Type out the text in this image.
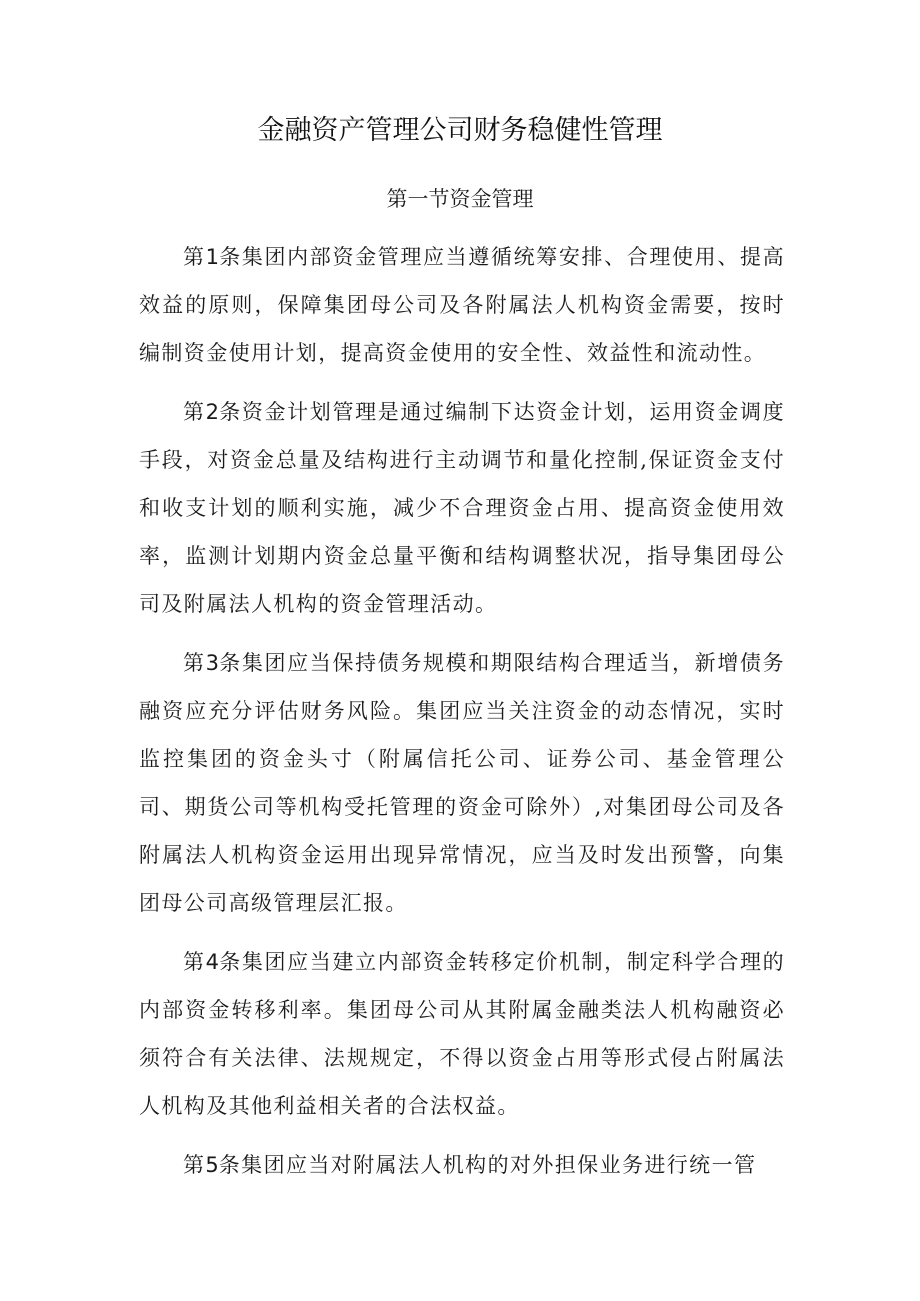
金融资产管理公司财务稳健性管理
第一节资金管理

第1条集团内部资金管理应当遵循统筹安排、合理使用、提高效益的原则，保障集团母公司及各附属法人机构资金需要，按时编制资金使用计划，提高资金使用的安全性、效益性和流动性。

第2条资金计划管理是通过编制下达资金计划，运用资金调度手段，对资金总量及结构进行主动调节和量化控制,保证资金支付和收支计划的顺利实施，减少不合理资金占用、提高资金使用效率，监测计划期内资金总量平衡和结构调整状况，指导集团母公司及附属法人机构的资金管理活动。

第3条集团应当保持债务规模和期限结构合理适当，新增债务融资应充分评估财务风险。集团应当关注资金的动态情况，实时监控集团的资金头寸（附属信托公司、证券公司、基金管理公司、期货公司等机构受托管理的资金可除外）,对集团母公司及各附属法人机构资金运用出现异常情况，应当及时发出预警，向集团母公司高级管理层汇报。

第4条集团应当建立内部资金转移定价机制，制定科学合理的内部资金转移利率。集团母公司从其附属金融类法人机构融资必须符合有关法律、法规规定，不得以资金占用等形式侵占附属法人机构及其他利益相关者的合法权益。

第5条集团应当对附属法人机构的对外担保业务进行统一管
